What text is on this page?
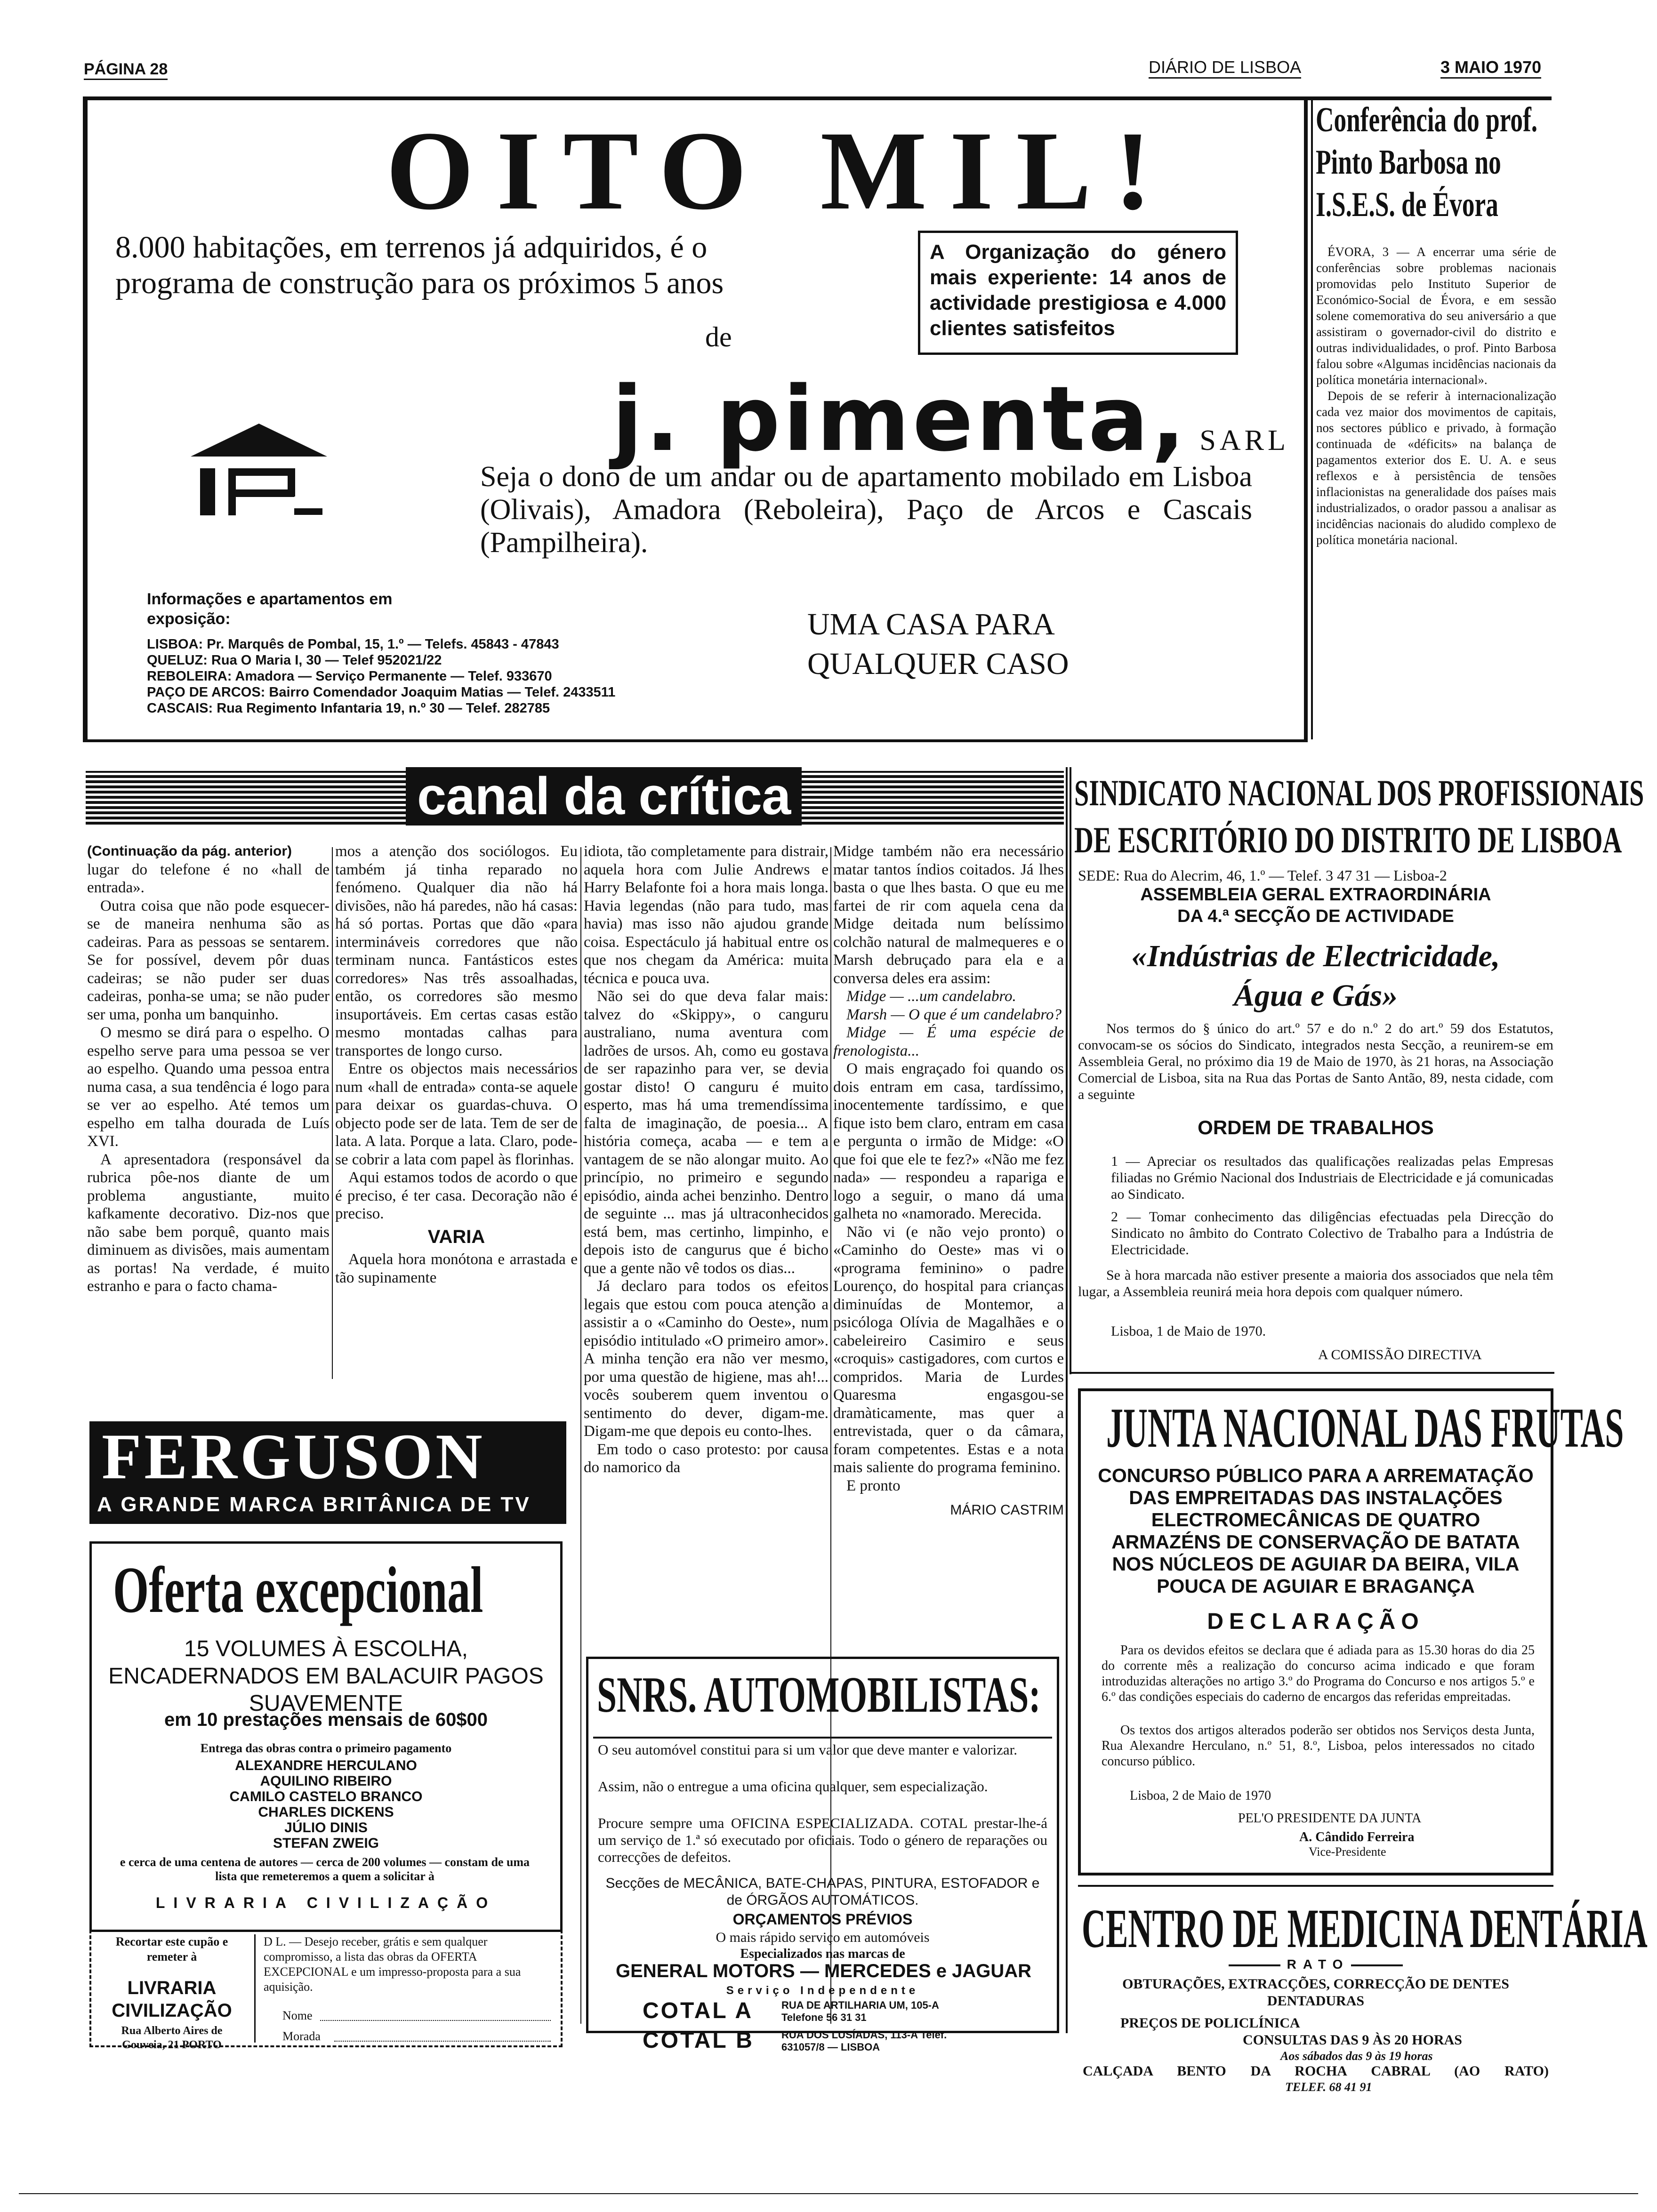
PÁGINA 28	DIÁRIO DE LISBOA	3 MAIO 1970
OITO MIL!
8.000 habitações, em terrenos já adquiridos, é o programa de construção para os próximos 5 anos
de
A Organização do género mais experiente: 14 anos de actividade prestigiosa e 4.000 clientes satisfeitos
j. pimenta, SARL
Seja o dono de um andar ou de apartamento mobilado em Lisboa (Olivais), Amadora (Reboleira), Paço de Arcos e Cascais (Pampilheira).
Informações e apartamentos em exposição:
LISBOA: Pr. Marquês de Pombal, 15, 1.º — Telefs. 45843 - 47843
QUELUZ: Rua O Maria I, 30 — Telef 952021/22
REBOLEIRA: Amadora — Serviço Permanente — Telef. 933670
PAÇO DE ARCOS: Bairro Comendador Joaquim Matias — Telef. 2433511
CASCAIS: Rua Regimento Infantaria 19, n.º 30 — Telef. 282785
UMA CASA PARA QUALQUER CASO
Conferência do prof. Pinto Barbosa no I.S.E.S. de Évora

ÉVORA, 3 — A encerrar uma série de conferências sobre problemas nacionais promovidas pelo Instituto Superior de Económico-Social de Évora, e em sessão solene comemorativa do seu aniversário a que assistiram o governador-civil do distrito e outras individualidades, o prof. Pinto Barbosa falou sobre «Algumas incidências nacionais da política monetária internacional».

Depois de se referir à internacionalização cada vez maior dos movimentos de capitais, nos sectores público e privado, à formação continuada de «déficits» na balança de pagamentos exterior dos E. U. A. e seus reflexos e à persistência de tensões inflacionistas na generalidade dos países mais industrializados, o orador passou a analisar as incidências nacionais do aludido complexo de política monetária nacional.

canal da crítica

(Continuação da pág. anterior)

lugar do telefone é no «hall de entrada».

Outra coisa que não pode esquecer-se de maneira nenhuma são as cadeiras. Para as pessoas se sentarem. Se for possível, devem pôr duas cadeiras; se não puder ser duas cadeiras, ponha-se uma; se não puder ser uma, ponha um banquinho.

O mesmo se dirá para o espelho. O espelho serve para uma pessoa se ver ao espelho. Quando uma pessoa entra numa casa, a sua tendência é logo para se ver ao espelho. Até temos um espelho em talha dourada de Luís XVI.

A apresentadora (responsável da rubrica pôe-nos diante de um problema angustiante, muito kafkamente decorativo. Diz-nos que não sabe bem porquê, quanto mais diminuem as divisões, mais aumentam as portas! Na verdade, é muito estranho e para o facto chama-

mos a atenção dos sociólogos. Eu também já tinha reparado no fenómeno. Qualquer dia não há divisões, não há paredes, não há casas: há só portas. Portas que dão «para intermináveis corredores que não terminam nunca. Fantásticos estes corredores» Nas três assoalhadas, então, os corredores são mesmo insuportáveis. Em certas casas estão mesmo montadas calhas para transportes de longo curso.

Entre os objectos mais necessários num «hall de entrada» conta-se aquele para deixar os guardas-chuva. O objecto pode ser de lata. Tem de ser de lata. A lata. Porque a lata. Claro, pode-se cobrir a lata com papel às florinhas.

Aqui estamos todos de acordo o que é preciso, é ter casa. Decoração não é preciso.

VARIA

Aquela hora monótona e arrastada e tão supinamente

idiota, tão completamente para distrair, aquela hora com Julie Andrews e Harry Belafonte foi a hora mais longa. Havia legendas (não para tudo, mas havia) mas isso não ajudou grande coisa. Espectáculo já habitual entre os que nos chegam da América: muita técnica e pouca uva.

Não sei do que deva falar mais: talvez do «Skippy», o canguru australiano, numa aventura com ladrões de ursos. Ah, como eu gostava de ser rapazinho para ver, se devia gostar disto! O canguru é muito esperto, mas há uma tremendíssima falta de imaginação, de poesia... A história começa, acaba — e tem a vantagem de se não alongar muito. Ao princípio, no primeiro e segundo episódio, ainda achei benzinho. Dentro de seguinte ... mas já ultraconhecidos está bem, mas certinho, limpinho, e depois isto de cangurus que é bicho que a gente não vê todos os dias...

Já declaro para todos os efeitos legais que estou com pouca atenção a assistir a o «Caminho do Oeste», num episódio intitulado «O primeiro amor». A minha tenção era não ver mesmo, por uma questão de higiene, mas ah!... vocês souberem quem inventou o sentimento do dever, digam-me. Digam-me que depois eu conto-lhes.

Em todo o caso protesto: por causa do namorico da

Midge também não era necessário matar tantos índios coitados. Já lhes basta o que lhes basta. O que eu me fartei de rir com aquela cena da Midge deitada num belíssimo colchão natural de malmequeres e o Marsh debruçado para ela e a conversa deles era assim:

Midge — ...um candelabro.

Marsh — O que é um candelabro?

Midge — É uma espécie de frenologista...

O mais engraçado foi quando os dois entram em casa, tardíssimo, inocentemente tardíssimo, e que fique isto bem claro, entram em casa e pergunta o irmão de Midge: «O que foi que ele te fez?» «Não me fez nada» — respondeu a rapariga e logo a seguir, o mano dá uma galheta no «namorado. Merecida.

Não vi (e não vejo pronto) o «Caminho do Oeste» mas vi o «programa feminino» o padre Lourenço, do hospital para crianças diminuídas de Montemor, a psicóloga Olívia de Magalhães e o cabeleireiro Casimiro e seus «croquis» castigadores, com curtos e compridos. Maria de Lurdes Quaresma engasgou-se dramàticamente, mas quer a entrevistada, quer o da câmara, foram competentes. Estas e a nota mais saliente do programa feminino.

E pronto

MÁRIO CASTRIM

SINDICATO NACIONAL DOS PROFISSIONAIS
DE ESCRITÓRIO DO DISTRITO DE LISBOA
SEDE: Rua do Alecrim, 46, 1.º — Telef. 3 47 31 — Lisboa-2
ASSEMBLEIA GERAL EXTRAORDINÁRIA
DA 4.ª SECÇÃO DE ACTIVIDADE
«Indústrias de Electricidade, Água e Gás»
Nos termos do § único do art.º 57 e do n.º 2 do art.º 59 dos Estatutos, convocam-se os sócios do Sindicato, integrados nesta Secção, a reunirem-se em Assembleia Geral, no próximo dia 19 de Maio de 1970, às 21 horas, na Associação Comercial de Lisboa, sita na Rua das Portas de Santo Antão, 89, nesta cidade, com a seguinte
ORDEM DE TRABALHOS
1 — Apreciar os resultados das qualificações realizadas pelas Empresas filiadas no Grémio Nacional dos Industriais de Electricidade e já comunicadas ao Sindicato.
2 — Tomar conhecimento das diligências efectuadas pela Direcção do Sindicato no âmbito do Contrato Colectivo de Trabalho para a Indústria de Electricidade.
Se à hora marcada não estiver presente a maioria dos associados que nela têm lugar, a Assembleia reunirá meia hora depois com qualquer número.
Lisboa, 1 de Maio de 1970.
A COMISSÃO DIRECTIVA
FERGUSON
A GRANDE MARCA BRITÂNICA DE TV
Oferta excepcional
15 VOLUMES À ESCOLHA, ENCADERNADOS EM BALACUIR PAGOS SUAVEMENTE
em 10 prestações mensais de 60$00
Entrega das obras contra o primeiro pagamento
ALEXANDRE HERCULANO
AQUILINO RIBEIRO
CAMILO CASTELO BRANCO
CHARLES DICKENS
JÚLIO DINIS
STEFAN ZWEIG
e cerca de uma centena de autores — cerca de 200 volumes — constam de uma lista que remeteremos a quem a solicitar à
LIVRARIA CIVILIZAÇÃO
Recortar este cupão e remeter à
LIVRARIA CIVILIZAÇÃO
Rua Alberto Aires de Gouveia, 21 PORTO
D L. — Desejo receber, grátis e sem qualquer compromisso, a lista das obras da OFERTA EXCEPCIONAL e um impresso-proposta para a sua aquisição.
Nome
Morada
SNRS. AUTOMOBILISTAS:
O seu automóvel constitui para si um valor que deve manter e valorizar.
Assim, não o entregue a uma oficina qualquer, sem especialização.
Procure sempre uma OFICINA ESPECIALIZADA. COTAL prestar-lhe-á um serviço de 1.ª só executado por oficiais. Todo o género de reparações ou correcções de defeitos.
Secções de MECÂNICA, BATE-CHAPAS, PINTURA, ESTOFADOR e de ÓRGÃOS AUTOMÁTICOS.
ORÇAMENTOS PRÉVIOS
O mais rápido serviço em automóveis
Especializados nas marcas de
GENERAL MOTORS — MERCEDES e JAGUAR
Serviço Independente
COTAL A	RUA DE ARTILHARIA UM, 105-A Telefone 56 31 31
COTAL B	RUA DOS LUSÍADAS, 113-A Telef. 631057/8 — LISBOA
JUNTA NACIONAL DAS FRUTAS
CONCURSO PÚBLICO PARA A ARREMATAÇÃO DAS EMPREITADAS DAS INSTALAÇÕES ELECTROMECÂNICAS DE QUATRO ARMAZÉNS DE CONSERVAÇÃO DE BATATA NOS NÚCLEOS DE AGUIAR DA BEIRA, VILA POUCA DE AGUIAR E BRAGANÇA
DECLARAÇÃO
Para os devidos efeitos se declara que é adiada para as 15.30 horas do dia 25 do corrente mês a realização do concurso acima indicado e que foram introduzidas alterações no artigo 3.º do Programa do Concurso e nos artigos 5.º e 6.º das condições especiais do caderno de encargos das referidas empreitadas.
Os textos dos artigos alterados poderão ser obtidos nos Serviços desta Junta, Rua Alexandre Herculano, n.º 51, 8.º, Lisboa, pelos interessados no citado concurso público.
Lisboa, 2 de Maio de 1970
PEL'O PRESIDENTE DA JUNTA
A. Cândido Ferreira
Vice-Presidente
CENTRO DE MEDICINA DENTÁRIA
RATO
OBTURAÇÕES, EXTRACÇÕES, CORRECÇÃO DE DENTES DENTADURAS
PREÇOS DE POLICLÍNICA
CONSULTAS DAS 9 ÀS 20 HORAS
Aos sábados das 9 às 19 horas
CALÇADA BENTO DA ROCHA CABRAL (AO RATO)
TELEF. 68 41 91
